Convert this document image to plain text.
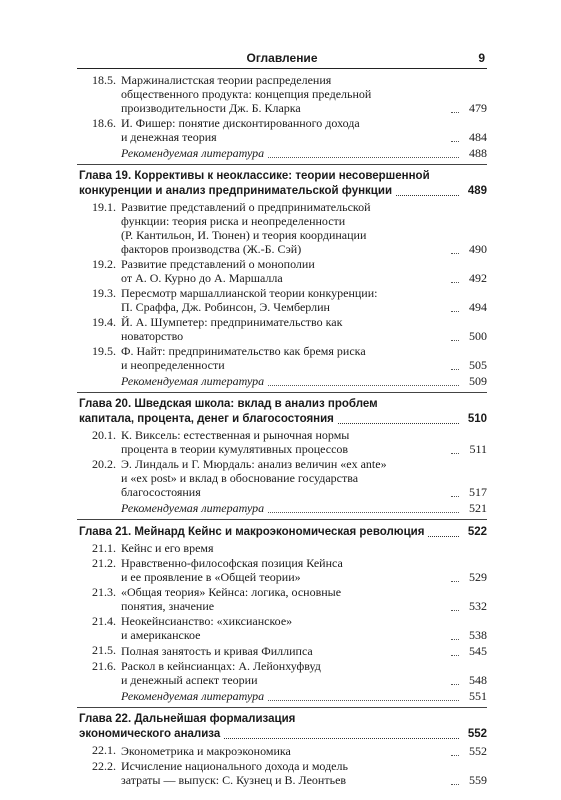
Оглавление	9
18.5. Маржиналистская теории распределения
общественного продукта: концепция предельной
производительности Дж. Б. Кларка	479
18.6. И. Фишер: понятие дисконтированного дохода
и денежная теория	484
Рекомендуемая литература	488
Глава 19. Коррективы к неоклассике: теории несовершенной
конкуренции и анализ предпринимательской функции	489
19.1. Развитие представлений о предпринимательской
функции: теория риска и неопределенности
(Р. Кантильон, И. Тюнен) и теория координации
факторов производства (Ж.-Б. Сэй)	490
19.2. Развитие представлений о монополии
от А. О. Курно до А. Маршалла	492
19.3. Пересмотр маршаллианской теории конкуренции:
П. Сраффа, Дж. Робинсон, Э. Чемберлин	494
19.4. Й. А. Шумпетер: предпринимательство как
новаторство	500
19.5. Ф. Найт: предпринимательство как бремя риска
и неопределенности	505
Рекомендуемая литература	509
Глава 20. Шведская школа: вклад в анализ проблем
капитала, процента, денег и благосостояния	510
20.1. К. Виксель: естественная и рыночная нормы
процента в теории кумулятивных процессов	511
20.2. Э. Линдаль и Г. Мюрдаль: анализ величин «ex ante»
и «ex post» и вклад в обоснование государства
благосостояния	517
Рекомендуемая литература	521
Глава 21. Мейнард Кейнс и макроэкономическая революция	522
21.1. Кейнс и его время
21.2. Нравственно-философская позиция Кейнса
и ее проявление в «Общей теории»	529
21.3. «Общая теория» Кейнса: логика, основные
понятия, значение	532
21.4. Неокейнсианство: «хиксианское»
и американское	538
21.5. Полная занятость и кривая Филлипса	545
21.6. Раскол в кейнсианцах: А. Лейонхуфвуд
и денежный аспект теории	548
Рекомендуемая литература	551
Глава 22. Дальнейшая формализация
экономического анализа	552
22.1. Эконометрика и макроэкономика	552
22.2. Исчисление национального дохода и модель
затраты — выпуск: С. Кузнец и В. Леонтьев	559
